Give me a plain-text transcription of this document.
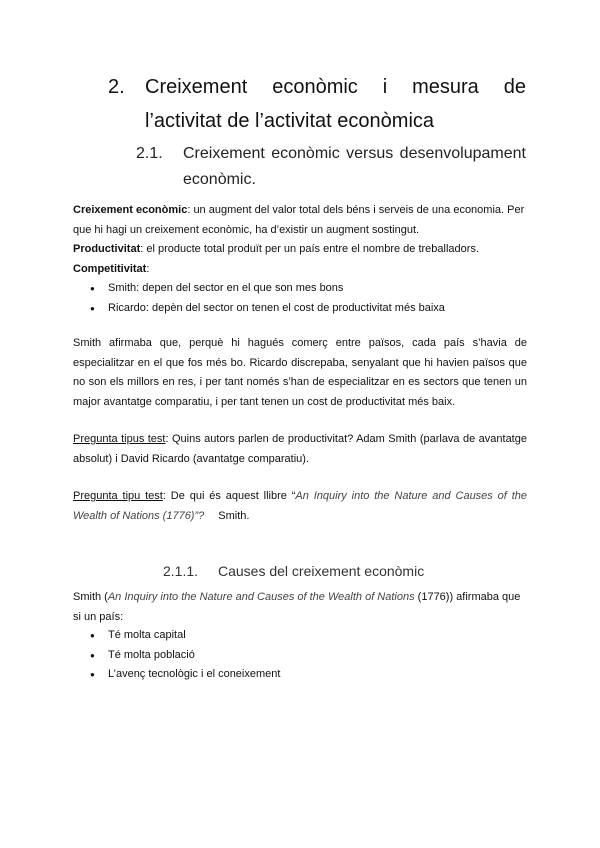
2.	Creixement econòmic i mesura de
l’activitat de l’activitat econòmica
2.1.	Creixement econòmic versus desenvolupament
econòmic.
Creixement econòmic: un augment del valor total dels béns i serveis de una economia. Per
que hi hagi un creixement econòmic, ha d’existir un augment sostingut.
Productivitat: el producte total produït per un país entre el nombre de treballadors.
Competitivitat:
● Smith: depen del sector en el que son mes bons
● Ricardo: depèn del sector on tenen el cost de productivitat més baixa
Smith afirmaba que, perquè hi hagués comerç entre països, cada país s’havia de
especialitzar en el que fos més bo. Ricardo discrepaba, senyalant que hi havien països que
no son els millors en res, i per tant només s’han de especialitzar en es sectors que tenen un
major avantatge comparatiu, i per tant tenen un cost de productivitat més baix.
Pregunta tipus test: Quins autors parlen de productivitat? Adam Smith (parlava de avantatge
absolut) i David Ricardo (avantatge comparatiu).
Pregunta tipu test: De qui és aquest llibre “An Inquiry into the Nature and Causes of the
Wealth of Nations (1776)”? Smith.
2.1.1. Causes del creixement econòmic
Smith (An Inquiry into the Nature and Causes of the Wealth of Nations (1776)) afirmaba que
si un país:
● Té molta capital
● Té molta població
● L’avenç tecnològic i el coneixement
